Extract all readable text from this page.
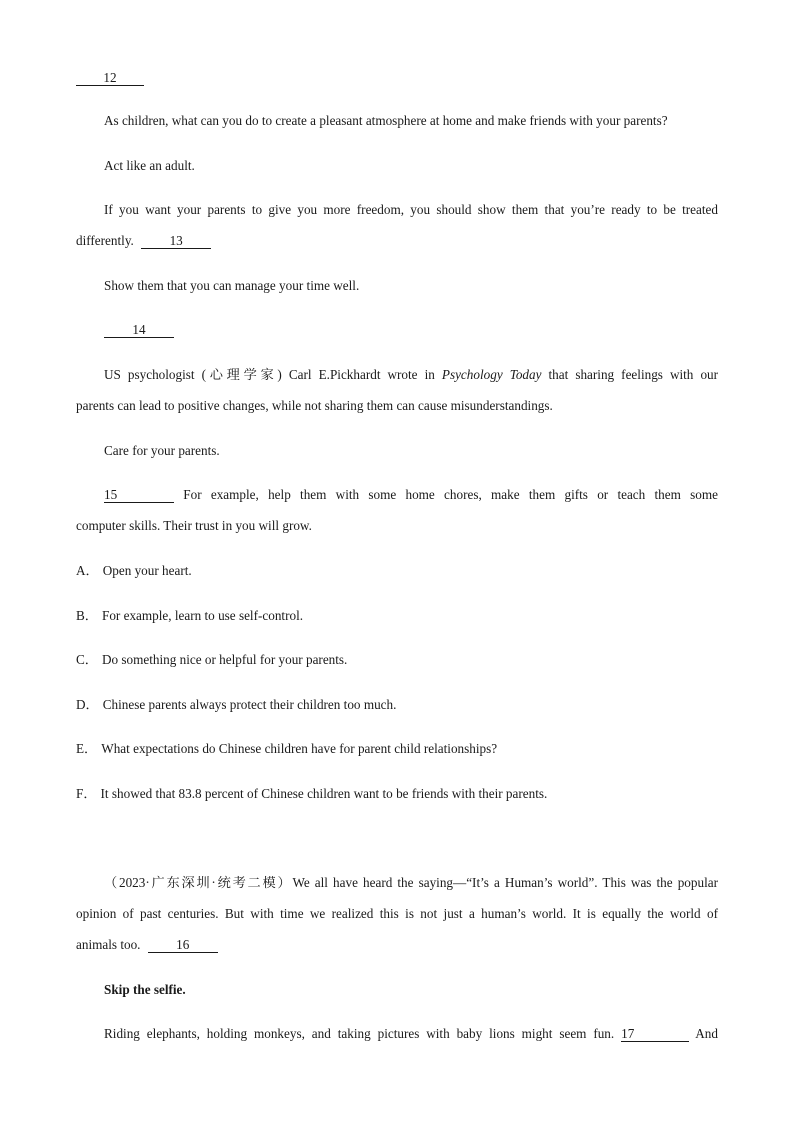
12
As children, what can you do to create a pleasant atmosphere at home and make friends with your parents?
Act like an adult.
If you want your parents to give you more freedom, you should show them that you’re ready to be treated
differently.	13
Show them that you can manage your time well.
14
US psychologist (心理学家) Carl E.Pickhardt wrote in Psychology Today that sharing feelings with our
parents can lead to positive changes, while not sharing them can cause misunderstandings.
Care for your parents.
15	For example, help them with some home chores, make them gifts or teach them some
computer skills. Their trust in you will grow.
A． Open your heart.
B． For example, learn to use self-control.
C． Do something nice or helpful for your parents.
D． Chinese parents always protect their children too much.
E． What expectations do Chinese children have for parent child relationships?
F． It showed that 83.8 percent of Chinese children want to be friends with their parents.
（2023·广东深圳·统考二模）We all have heard the saying—“It’s a Human’s world”. This was the popular
opinion of past centuries. But with time we realized this is not just a human’s world. It is equally the world of
animals too.	16
Skip the selfie.
Riding elephants, holding monkeys, and taking pictures with baby lions might seem fun. 17	And
